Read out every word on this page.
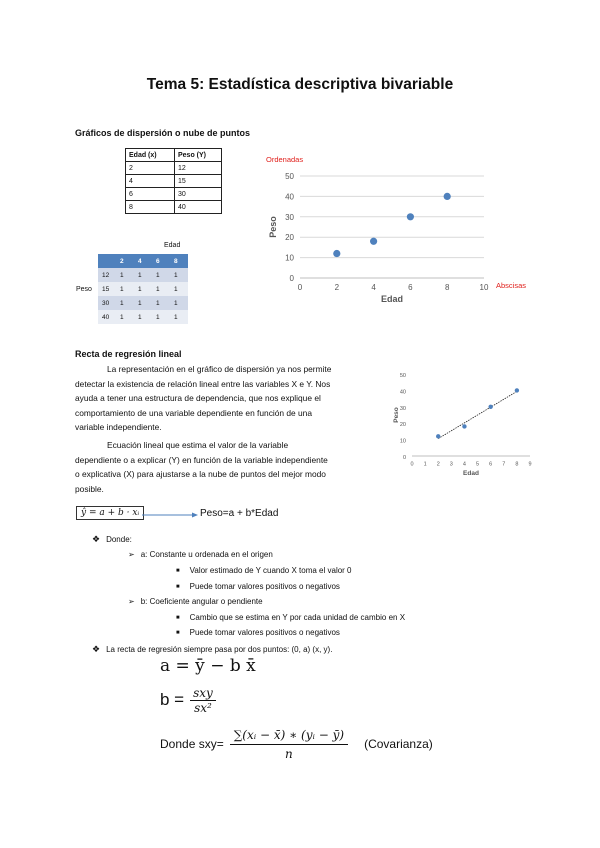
Tema 5: Estadística descriptiva bivariable
Gráficos de dispersión o nube de puntos
Edad (x)	Peso (Y)
2	12
4	15
6	30
8	40
Edad
Peso
	2	4	6	8
12	1	1	1	1
15	1	1	1	1
30	1	1	1	1
40	1	1	1	1
0
10
20
30
40
50
0	2	4	6	8	10
Edad
Peso
Ordenadas
Abscisas
Recta de regresión lineal
La representación en el gráfico de dispersión ya nos permite
detectar la existencia de relación lineal entre las variables X e Y. Nos
ayuda a tener una estructura de dependencia, que nos explique el
comportamiento de una variable dependiente en función de una
variable independiente.
Ecuación lineal que estima el valor de la variable
dependiente o a explicar (Y) en función de la variable independiente
o explicativa (X) para ajustarse a la nube de puntos del mejor modo
posible.
0
10
20
30
40
50
0 1 2 3 4 5 6 7 8 9
Edad
Peso
ŷ = a + b · xᵢ	Peso=a + b*Edad
❖ Donde:
➢ a: Constante u ordenada en el origen
■ Valor estimado de Y cuando X toma el valor 0
■ Puede tomar valores positivos o negativos
➢ b: Coeficiente angular o pendiente
■ Cambio que se estima en Y por cada unidad de cambio en X
■ Puede tomar valores positivos o negativos
❖ La recta de regresión siempre pasa por dos puntos: (0, a) (x, y).
a = ȳ − b x̄
b = sxy
sx²
Donde $sxy= \frac{\text{∑(xᵢ − x̄) ∗ (yᵢ − ȳ)}}{n}$ (Covarianza)
